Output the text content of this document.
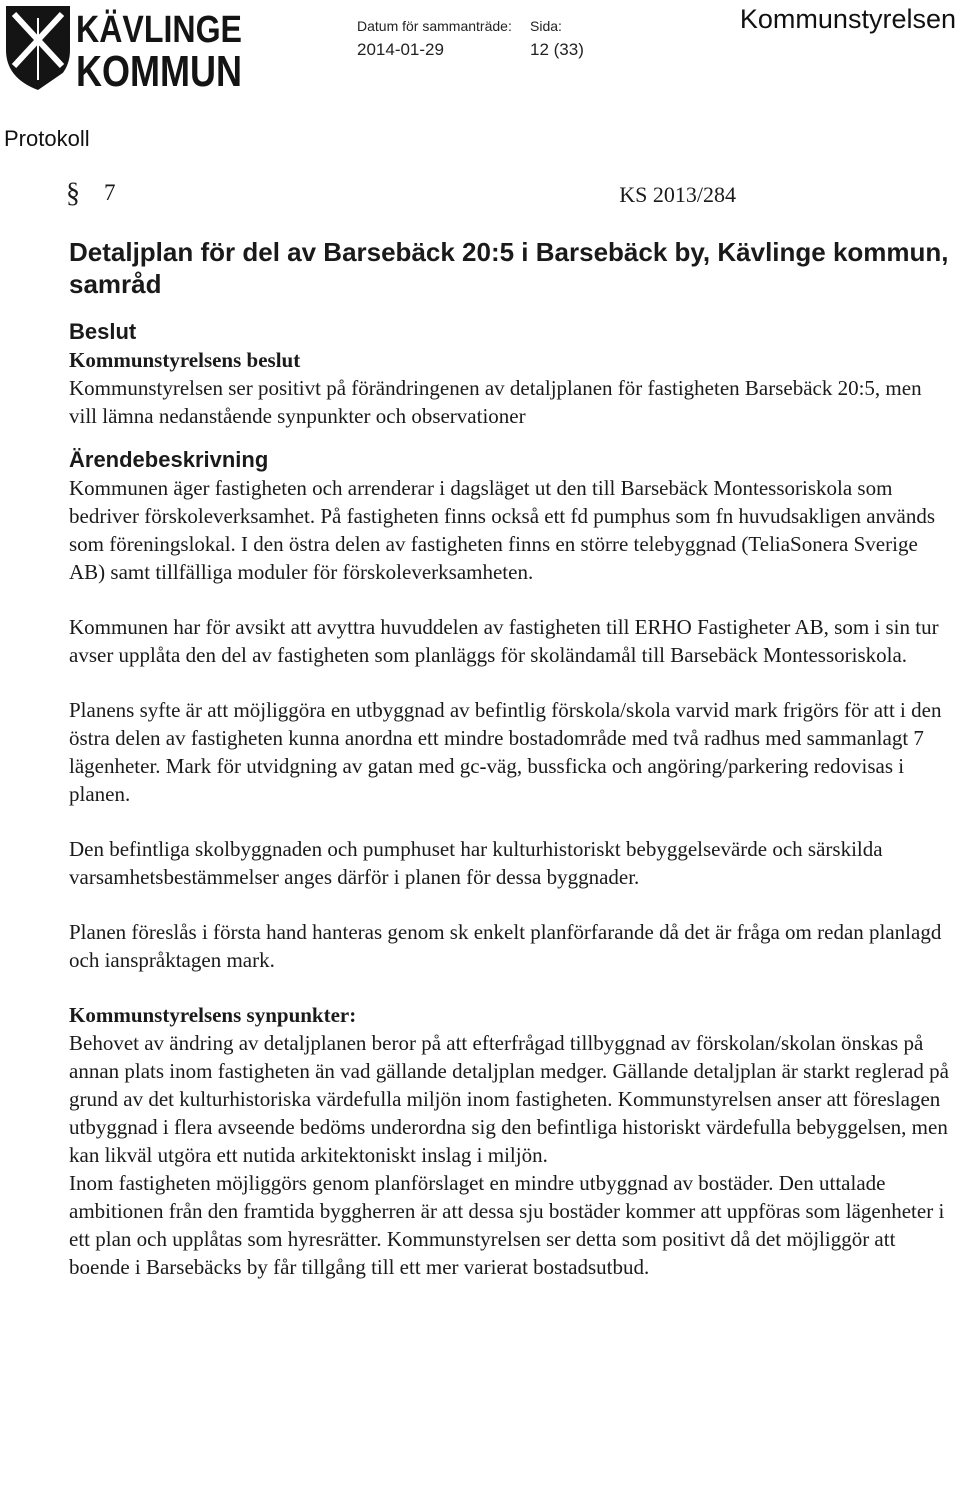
KÄVLINGE
KOMMUN
Datum för sammanträde:
2014-01-29
Sida:
12 (33)
Kommunstyrelsen
Protokoll
§ 7	KS 2013/284
Detaljplan för del av Barsebäck 20:5 i Barsebäck by, Kävlinge kommun, samråd
Beslut
Kommunstyrelsens beslut

Kommunstyrelsen ser positivt på förändringenen av detaljplanen för fastigheten Barsebäck 20:5, men vill lämna nedanstående synpunkter och observationer

Ärendebeskrivning

Kommunen äger fastigheten och arrenderar i dagsläget ut den till Barsebäck Montessoriskola som bedriver förskoleverksamhet. På fastigheten finns också ett fd pumphus som fn huvudsakligen används som föreningslokal. I den östra delen av fastigheten finns en större telebyggnad (TeliaSonera Sverige AB) samt tillfälliga moduler för förskoleverksamheten.

Kommunen har för avsikt att avyttra huvuddelen av fastigheten till ERHO Fastigheter AB, som i sin tur avser upplåta den del av fastigheten som planläggs för skoländamål till Barsebäck Montessoriskola.

Planens syfte är att möjliggöra en utbyggnad av befintlig förskola/skola varvid mark frigörs för att i den östra delen av fastigheten kunna anordna ett mindre bostadområde med två radhus med sammanlagt 7 lägenheter. Mark för utvidgning av gatan med gc-väg, bussficka och angöring/parkering redovisas i planen.

Den befintliga skolbyggnaden och pumphuset har kulturhistoriskt bebyggelsevärde och särskilda varsamhetsbestämmelser anges därför i planen för dessa byggnader.

Planen föreslås i första hand hanteras genom sk enkelt planförfarande då det är fråga om redan planlagd och ianspråktagen mark.

Kommunstyrelsens synpunkter:

Behovet av ändring av detaljplanen beror på att efterfrågad tillbyggnad av förskolan/skolan önskas på annan plats inom fastigheten än vad gällande detaljplan medger. Gällande detaljplan är starkt reglerad på grund av det kulturhistoriska värdefulla miljön inom fastigheten. Kommunstyrelsen anser att föreslagen utbyggnad i flera avseende bedöms underordna sig den befintliga historiskt värdefulla bebyggelsen, men kan likväl utgöra ett nutida arkitektoniskt inslag i miljön.

Inom fastigheten möjliggörs genom planförslaget en mindre utbyggnad av bostäder. Den uttalade ambitionen från den framtida byggherren är att dessa sju bostäder kommer att uppföras som lägenheter i ett plan och upplåtas som hyresrätter. Kommunstyrelsen ser detta som positivt då det möjliggör att boende i Barsebäcks by får tillgång till ett mer varierat bostadsutbud.
